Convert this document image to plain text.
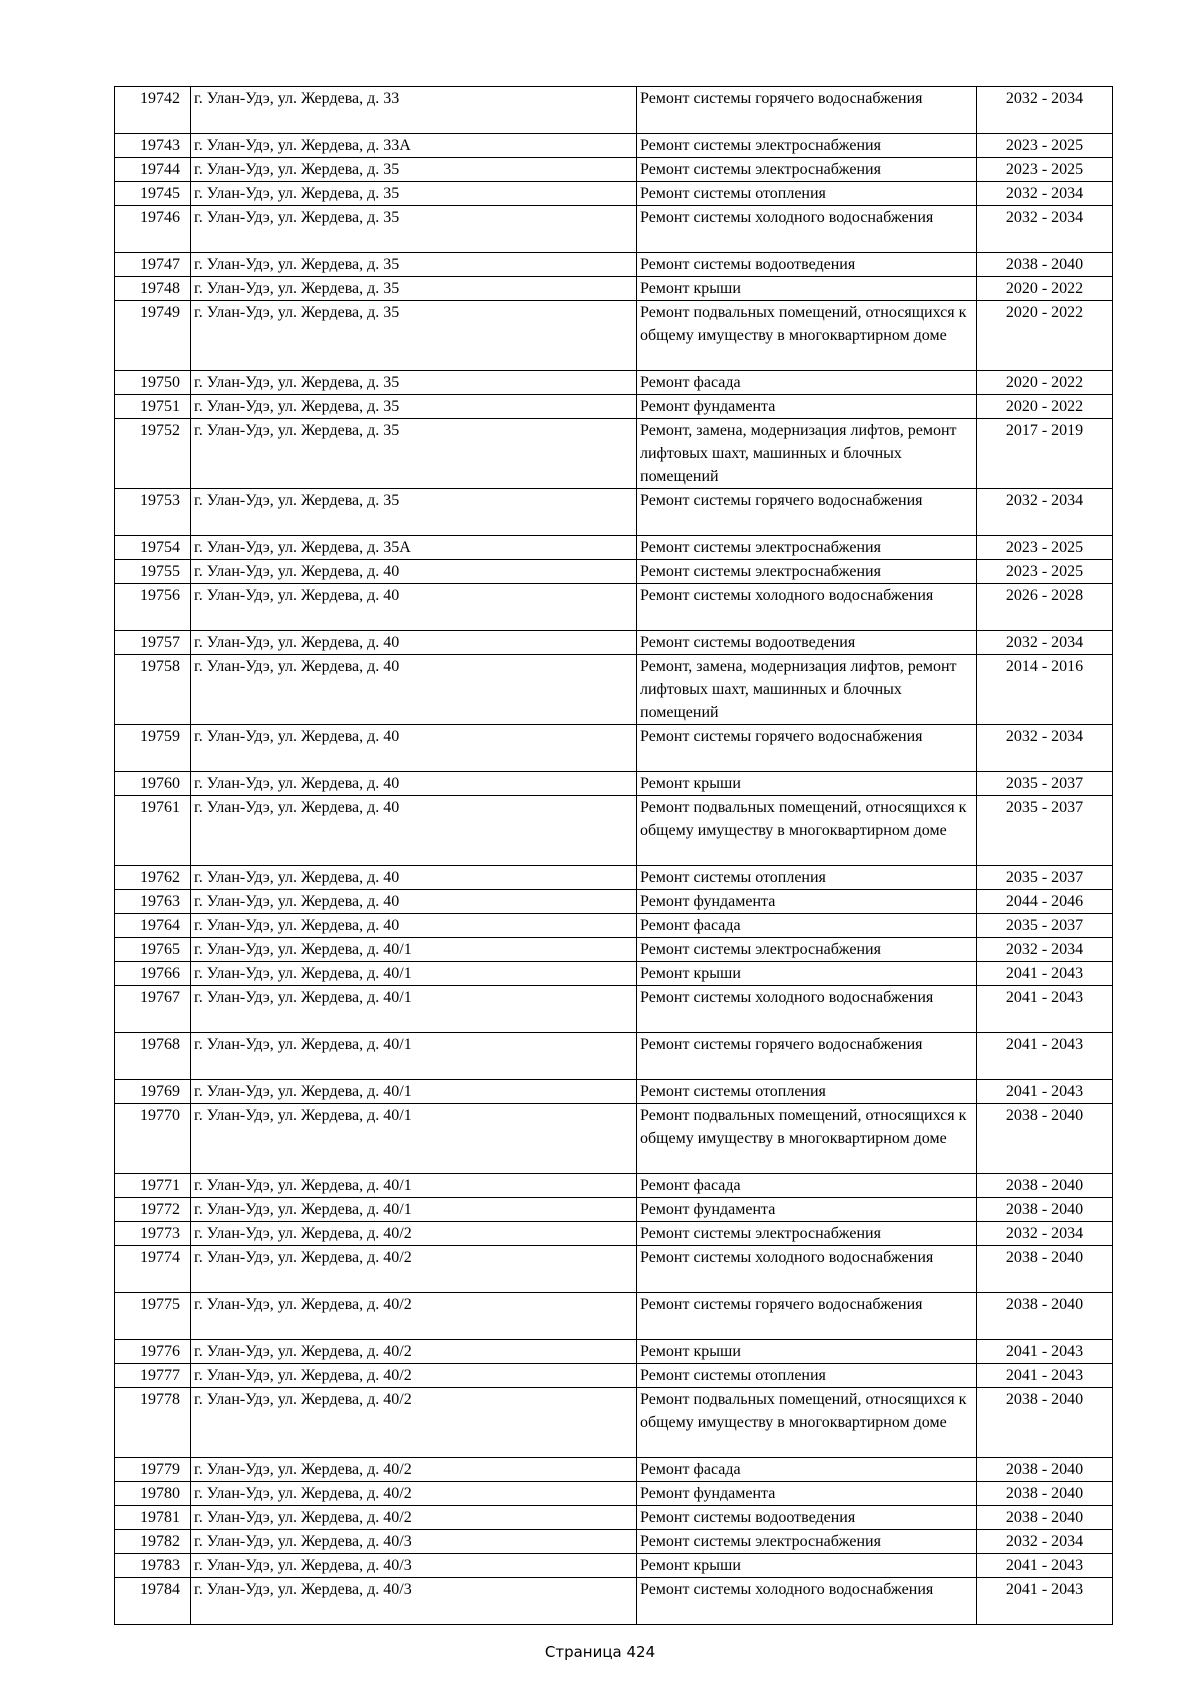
19742	г. Улан-Удэ, ул. Жердева, д. 33	Ремонт системы горячего водоснабжения	2032 - 2034
19743	г. Улан-Удэ, ул. Жердева, д. 33А	Ремонт системы электроснабжения	2023 - 2025
19744	г. Улан-Удэ, ул. Жердева, д. 35	Ремонт системы электроснабжения	2023 - 2025
19745	г. Улан-Удэ, ул. Жердева, д. 35	Ремонт системы отопления	2032 - 2034
19746	г. Улан-Удэ, ул. Жердева, д. 35	Ремонт системы холодного водоснабжения	2032 - 2034
19747	г. Улан-Удэ, ул. Жердева, д. 35	Ремонт системы водоотведения	2038 - 2040
19748	г. Улан-Удэ, ул. Жердева, д. 35	Ремонт крыши	2020 - 2022
19749	г. Улан-Удэ, ул. Жердева, д. 35	Ремонт подвальных помещений, относящихся к общему имуществу в многоквартирном доме	2020 - 2022
19750	г. Улан-Удэ, ул. Жердева, д. 35	Ремонт фасада	2020 - 2022
19751	г. Улан-Удэ, ул. Жердева, д. 35	Ремонт фундамента	2020 - 2022
19752	г. Улан-Удэ, ул. Жердева, д. 35	Ремонт, замена, модернизация лифтов, ремонт лифтовых шахт, машинных и блочных помещений	2017 - 2019
19753	г. Улан-Удэ, ул. Жердева, д. 35	Ремонт системы горячего водоснабжения	2032 - 2034
19754	г. Улан-Удэ, ул. Жердева, д. 35А	Ремонт системы электроснабжения	2023 - 2025
19755	г. Улан-Удэ, ул. Жердева, д. 40	Ремонт системы электроснабжения	2023 - 2025
19756	г. Улан-Удэ, ул. Жердева, д. 40	Ремонт системы холодного водоснабжения	2026 - 2028
19757	г. Улан-Удэ, ул. Жердева, д. 40	Ремонт системы водоотведения	2032 - 2034
19758	г. Улан-Удэ, ул. Жердева, д. 40	Ремонт, замена, модернизация лифтов, ремонт лифтовых шахт, машинных и блочных помещений	2014 - 2016
19759	г. Улан-Удэ, ул. Жердева, д. 40	Ремонт системы горячего водоснабжения	2032 - 2034
19760	г. Улан-Удэ, ул. Жердева, д. 40	Ремонт крыши	2035 - 2037
19761	г. Улан-Удэ, ул. Жердева, д. 40	Ремонт подвальных помещений, относящихся к общему имуществу в многоквартирном доме	2035 - 2037
19762	г. Улан-Удэ, ул. Жердева, д. 40	Ремонт системы отопления	2035 - 2037
19763	г. Улан-Удэ, ул. Жердева, д. 40	Ремонт фундамента	2044 - 2046
19764	г. Улан-Удэ, ул. Жердева, д. 40	Ремонт фасада	2035 - 2037
19765	г. Улан-Удэ, ул. Жердева, д. 40/1	Ремонт системы электроснабжения	2032 - 2034
19766	г. Улан-Удэ, ул. Жердева, д. 40/1	Ремонт крыши	2041 - 2043
19767	г. Улан-Удэ, ул. Жердева, д. 40/1	Ремонт системы холодного водоснабжения	2041 - 2043
19768	г. Улан-Удэ, ул. Жердева, д. 40/1	Ремонт системы горячего водоснабжения	2041 - 2043
19769	г. Улан-Удэ, ул. Жердева, д. 40/1	Ремонт системы отопления	2041 - 2043
19770	г. Улан-Удэ, ул. Жердева, д. 40/1	Ремонт подвальных помещений, относящихся к общему имуществу в многоквартирном доме	2038 - 2040
19771	г. Улан-Удэ, ул. Жердева, д. 40/1	Ремонт фасада	2038 - 2040
19772	г. Улан-Удэ, ул. Жердева, д. 40/1	Ремонт фундамента	2038 - 2040
19773	г. Улан-Удэ, ул. Жердева, д. 40/2	Ремонт системы электроснабжения	2032 - 2034
19774	г. Улан-Удэ, ул. Жердева, д. 40/2	Ремонт системы холодного водоснабжения	2038 - 2040
19775	г. Улан-Удэ, ул. Жердева, д. 40/2	Ремонт системы горячего водоснабжения	2038 - 2040
19776	г. Улан-Удэ, ул. Жердева, д. 40/2	Ремонт крыши	2041 - 2043
19777	г. Улан-Удэ, ул. Жердева, д. 40/2	Ремонт системы отопления	2041 - 2043
19778	г. Улан-Удэ, ул. Жердева, д. 40/2	Ремонт подвальных помещений, относящихся к общему имуществу в многоквартирном доме	2038 - 2040
19779	г. Улан-Удэ, ул. Жердева, д. 40/2	Ремонт фасада	2038 - 2040
19780	г. Улан-Удэ, ул. Жердева, д. 40/2	Ремонт фундамента	2038 - 2040
19781	г. Улан-Удэ, ул. Жердева, д. 40/2	Ремонт системы водоотведения	2038 - 2040
19782	г. Улан-Удэ, ул. Жердева, д. 40/3	Ремонт системы электроснабжения	2032 - 2034
19783	г. Улан-Удэ, ул. Жердева, д. 40/3	Ремонт крыши	2041 - 2043
19784	г. Улан-Удэ, ул. Жердева, д. 40/3	Ремонт системы холодного водоснабжения	2041 - 2043
Страница 424
